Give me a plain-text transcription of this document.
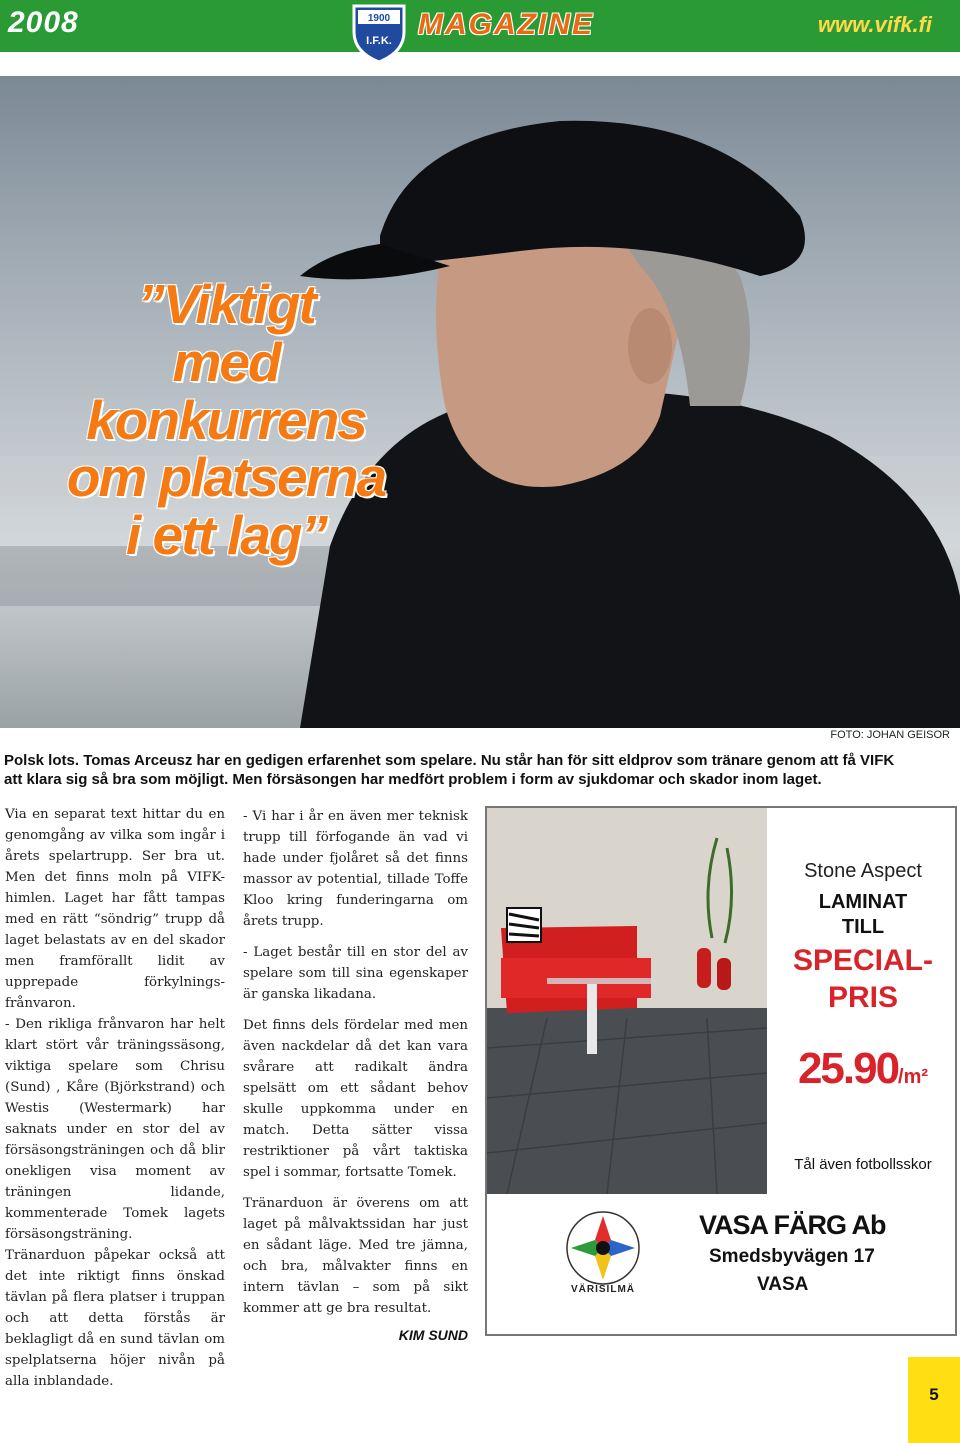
2008	MAGAZINE	www.vifk.fi
1900
I.F.K.
”Viktigt
med
konkurrens
om platserna
i ett lag”
FOTO: JOHAN GEISOR
Polsk lots. Tomas Arceusz har en gedigen erfarenhet som spelare. Nu står han för sitt eldprov som tränare genom att få VIFK
att klara sig så bra som möjligt. Men försäsongen har medfört problem i form av sjukdomar och skador inom laget.

Via en separat text hittar du en genomgång av vilka som ingår i årets spelartrupp. Ser bra ut. Men det finns moln på VIFK-himlen. Laget har fått tampas med en rätt “söndrig” trupp då laget belastats av en del skador men framförallt lidit av upprepade förkylnings-frånvaron.

- Den rikliga frånvaron har helt klart stört vår träningssäsong, viktiga spelare som Chrisu (Sund) , Kåre (Björkstrand) och Westis (Westermark) har saknats under en stor del av försäsongsträningen och då blir onekligen visa moment av träningen lidande, kommenterade Tomek lagets försäsongsträning.

Tränarduon påpekar också att det inte riktigt finns önskad tävlan på flera platser i truppan och att detta förstås är beklagligt då en sund tävlan om spelplatserna höjer nivån på alla inblandade.

- Vi har i år en även mer teknisk trupp till förfogande än vad vi hade under fjolåret så det finns massor av potential, tillade Toffe Kloo kring funderingarna om årets trupp.

- Laget består till en stor del av spelare som till sina egenskaper är ganska likadana.

Det finns dels fördelar med men även nackdelar då det kan vara svårare att radikalt ändra spelsätt om ett sådant behov skulle uppkomma under en match. Detta sätter vissa restriktioner på vårt taktiska spel i sommar, fortsatte Tomek.

Tränarduon är överens om att laget på målvaktssidan har just en sådant läge. Med tre jämna, och bra, målvakter finns en intern tävlan – som på sikt kommer att ge bra resultat.

KIM SUND
Stone Aspect
LAMINAT
TILL
SPECIAL-
PRIS
25.90/m²
Tål även fotbollsskor
VÄRISILMÄ
VASA FÄRG Ab
Smedsbyvägen 17
VASA
5
